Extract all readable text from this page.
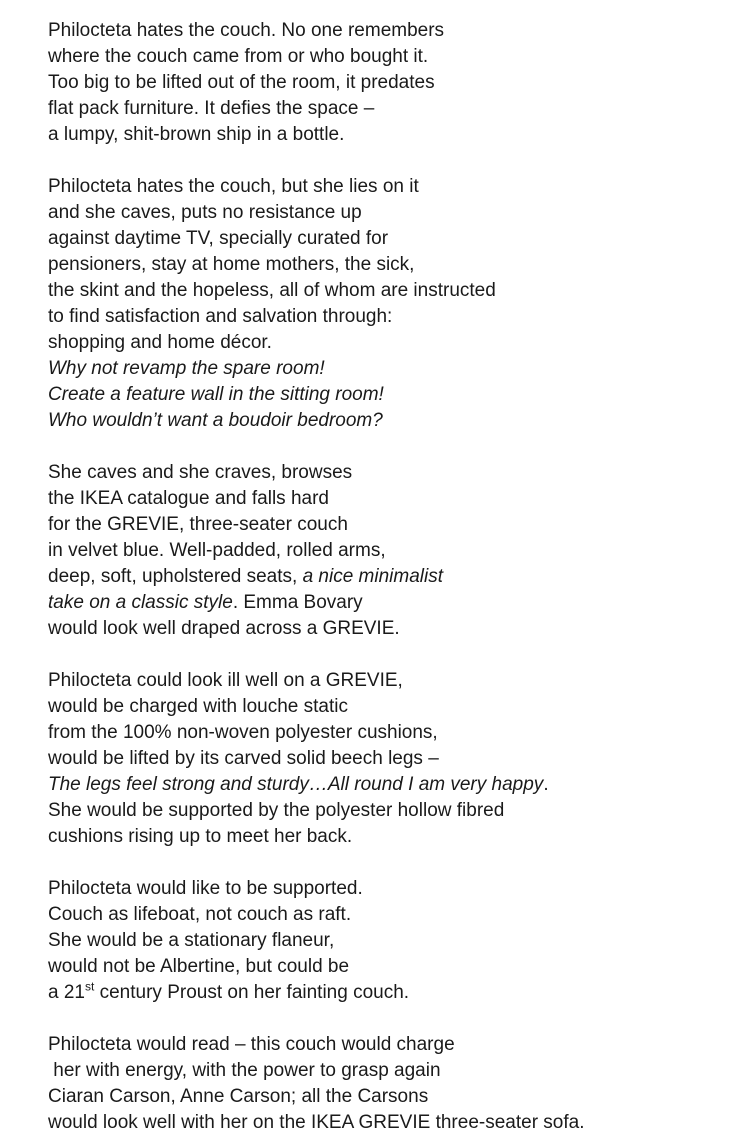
Philocteta hates the couch. No one remembers
where the couch came from or who bought it.
Too big to be lifted out of the room, it predates
flat pack furniture. It defies the space –
a lumpy, shit-brown ship in a bottle.
Philocteta hates the couch, but she lies on it
and she caves, puts no resistance up
against daytime TV, specially curated for
pensioners, stay at home mothers, the sick,
the skint and the hopeless, all of whom are instructed
to find satisfaction and salvation through:
shopping and home décor.
Why not revamp the spare room!
Create a feature wall in the sitting room!
Who wouldn’t want a boudoir bedroom?
She caves and she craves, browses
the IKEA catalogue and falls hard
for the GREVIE, three-seater couch
in velvet blue. Well-padded, rolled arms,
deep, soft, upholstered seats, a nice minimalist
take on a classic style. Emma Bovary
would look well draped across a GREVIE.
Philocteta could look ill well on a GREVIE,
would be charged with louche static
from the 100% non-woven polyester cushions,
would be lifted by its carved solid beech legs –
The legs feel strong and sturdy…All round I am very happy.
She would be supported by the polyester hollow fibred
cushions rising up to meet her back.
Philocteta would like to be supported.
Couch as lifeboat, not couch as raft.
She would be a stationary flaneur,
would not be Albertine, but could be
a 21st century Proust on her fainting couch.
Philocteta would read – this couch would charge
her with energy, with the power to grasp again
Ciaran Carson, Anne Carson; all the Carsons
would look well with her on the IKEA GREVIE three-seater sofa.
